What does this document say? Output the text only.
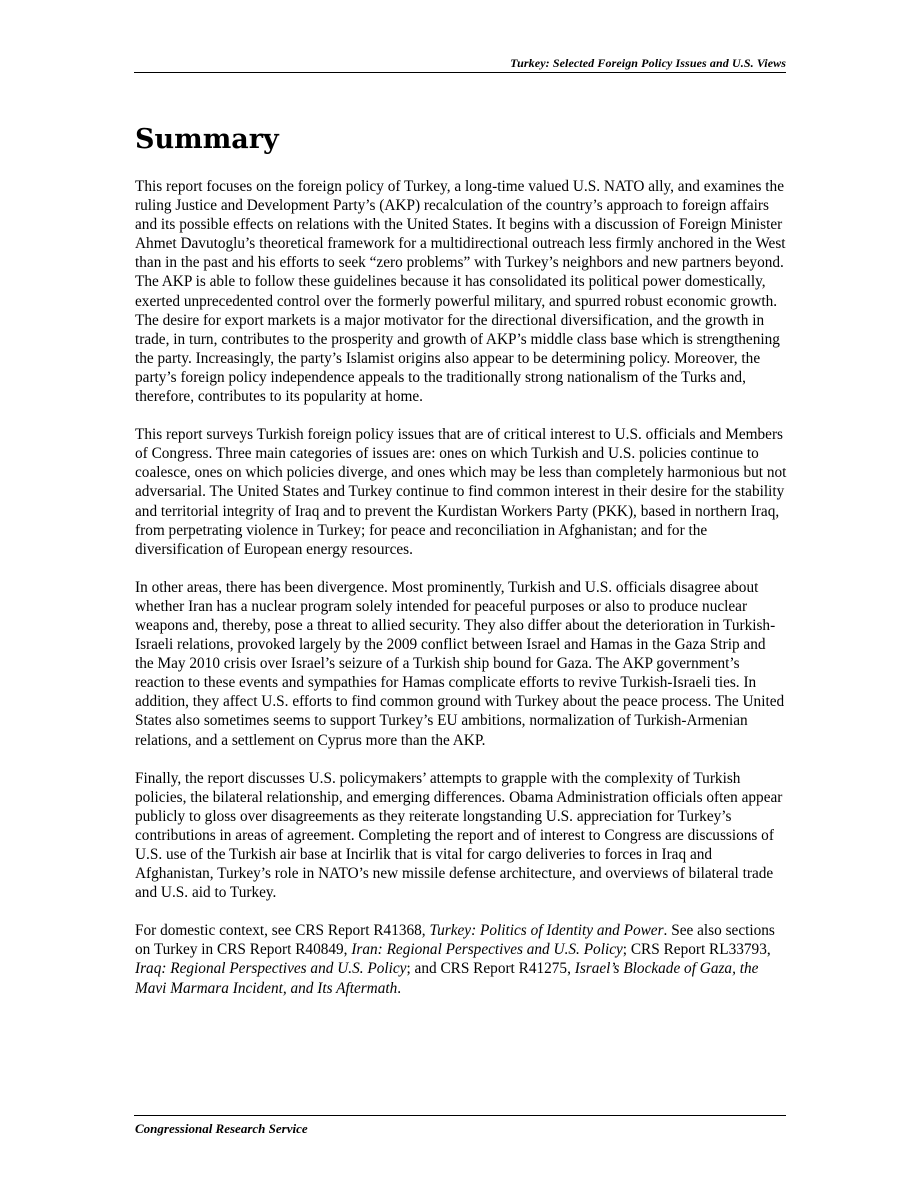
Turkey: Selected Foreign Policy Issues and U.S. Views
Summary

This report focuses on the foreign policy of Turkey, a long-time valued U.S. NATO ally, and examines the ruling Justice and Development Party’s (AKP) recalculation of the country’s approach to foreign affairs and its possible effects on relations with the United States. It begins with a discussion of Foreign Minister Ahmet Davutoglu’s theoretical framework for a multidirectional outreach less firmly anchored in the West than in the past and his efforts to seek “zero problems” with Turkey’s neighbors and new partners beyond. The AKP is able to follow these guidelines because it has consolidated its political power domestically, exerted unprecedented control over the formerly powerful military, and spurred robust economic growth. The desire for export markets is a major motivator for the directional diversification, and the growth in trade, in turn, contributes to the prosperity and growth of AKP’s middle class base which is strengthening the party. Increasingly, the party’s Islamist origins also appear to be determining policy. Moreover, the party’s foreign policy independence appeals to the traditionally strong nationalism of the Turks and, therefore, contributes to its popularity at home.

This report surveys Turkish foreign policy issues that are of critical interest to U.S. officials and Members of Congress. Three main categories of issues are: ones on which Turkish and U.S. policies continue to coalesce, ones on which policies diverge, and ones which may be less than completely harmonious but not adversarial. The United States and Turkey continue to find common interest in their desire for the stability and territorial integrity of Iraq and to prevent the Kurdistan Workers Party (PKK), based in northern Iraq, from perpetrating violence in Turkey; for peace and reconciliation in Afghanistan; and for the diversification of European energy resources.

In other areas, there has been divergence. Most prominently, Turkish and U.S. officials disagree about whether Iran has a nuclear program solely intended for peaceful purposes or also to produce nuclear weapons and, thereby, pose a threat to allied security. They also differ about the deterioration in Turkish-Israeli relations, provoked largely by the 2009 conflict between Israel and Hamas in the Gaza Strip and the May 2010 crisis over Israel’s seizure of a Turkish ship bound for Gaza. The AKP government’s reaction to these events and sympathies for Hamas complicate efforts to revive Turkish-Israeli ties. In addition, they affect U.S. efforts to find common ground with Turkey about the peace process. The United States also sometimes seems to support Turkey’s EU ambitions, normalization of Turkish-Armenian relations, and a settlement on Cyprus more than the AKP.

Finally, the report discusses U.S. policymakers’ attempts to grapple with the complexity of Turkish policies, the bilateral relationship, and emerging differences. Obama Administration officials often appear publicly to gloss over disagreements as they reiterate longstanding U.S. appreciation for Turkey’s contributions in areas of agreement. Completing the report and of interest to Congress are discussions of U.S. use of the Turkish air base at Incirlik that is vital for cargo deliveries to forces in Iraq and Afghanistan, Turkey’s role in NATO’s new missile defense architecture, and overviews of bilateral trade and U.S. aid to Turkey.

For domestic context, see CRS Report R41368, Turkey: Politics of Identity and Power. See also sections on Turkey in CRS Report R40849, Iran: Regional Perspectives and U.S. Policy; CRS Report RL33793, Iraq: Regional Perspectives and U.S. Policy; and CRS Report R41275, Israel’s Blockade of Gaza, the Mavi Marmara Incident, and Its Aftermath.

Congressional Research Service
